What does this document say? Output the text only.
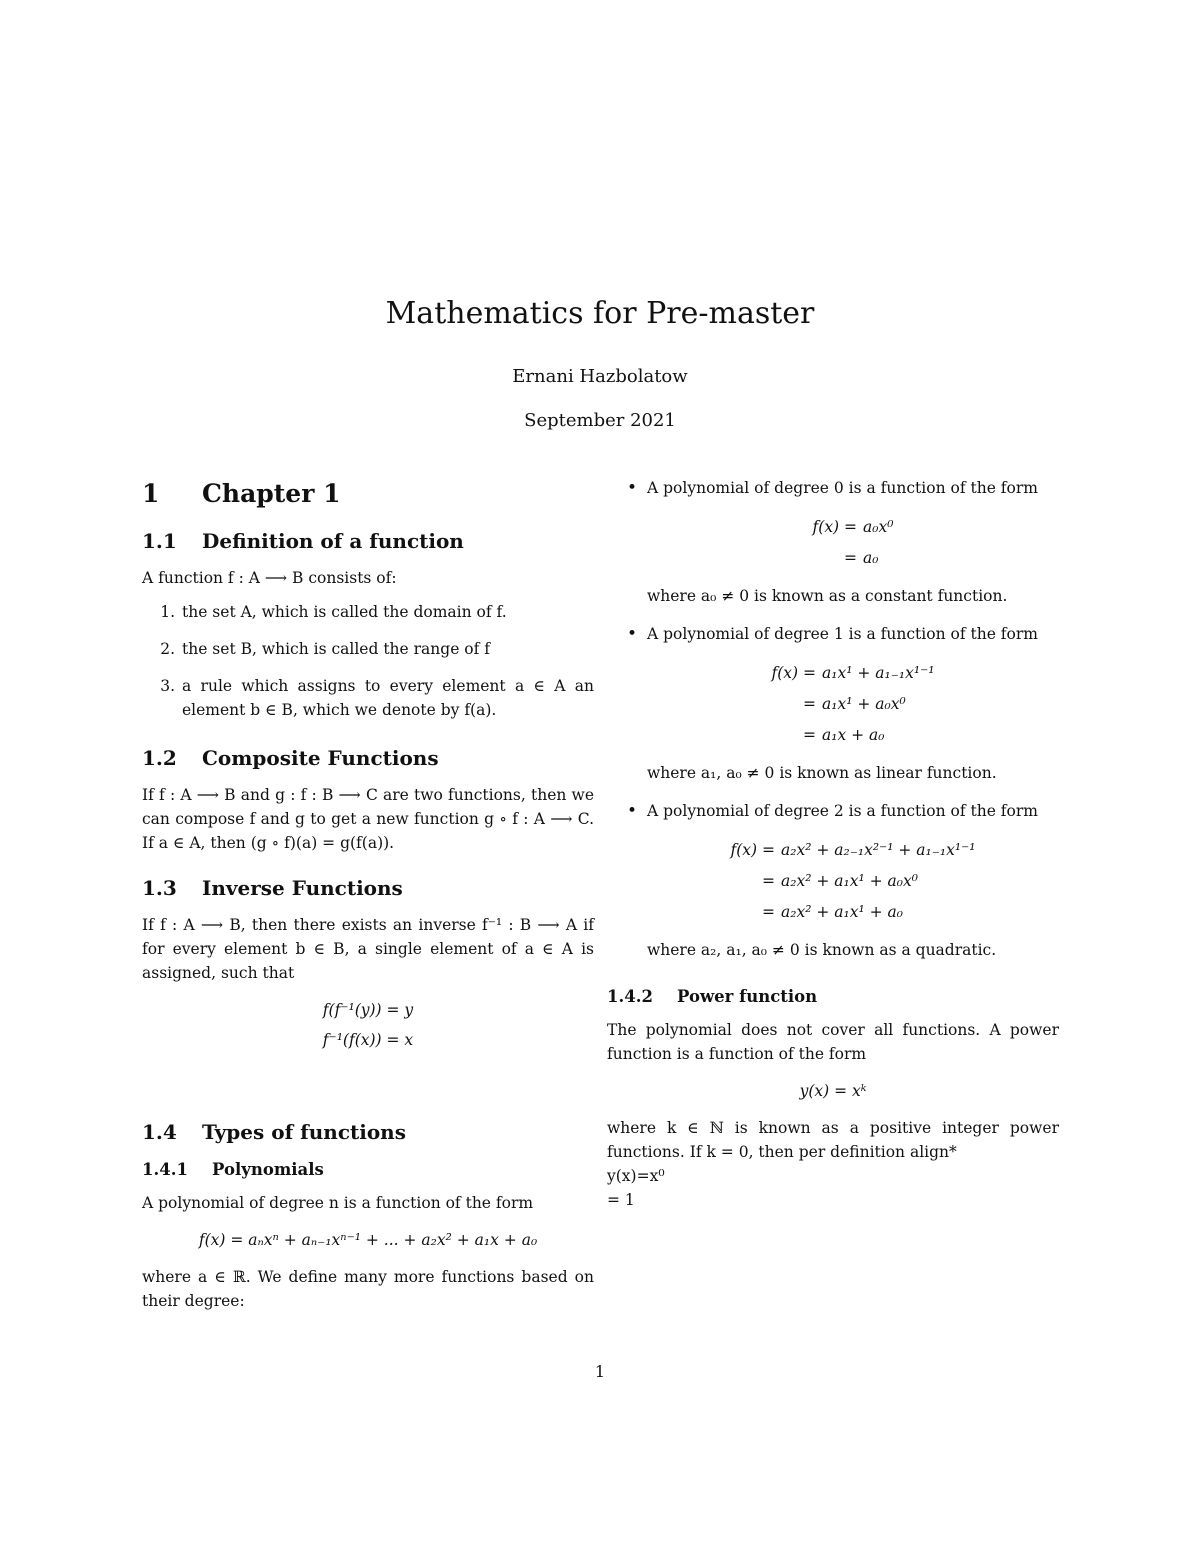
Mathematics for Pre-master
Ernani Hazbolatow
September 2021
1 Chapter 1
1.1 Definition of a function

A function f : A ⟶ B consists of:

1. the set A, which is called the domain of f.
2. the set B, which is called the range of f
3. a rule which assigns to every element a ∈ A an element b ∈ B, which we denote by f(a).
1.2 Composite Functions

If f : A ⟶ B and g : f : B ⟶ C are two functions, then we can compose f and g to get a new function g ∘ f : A ⟶ C. If a ∈ A, then (g ∘ f)(a) = g(f(a)).

1.3 Inverse Functions

If f : A ⟶ B, then there exists an inverse f⁻¹ : B ⟶ A if for every element b ∈ B, a single element of a ∈ A is assigned, such that

f(f⁻¹(y)) = y
f⁻¹(f(x)) = x
1.4 Types of functions
1.4.1 Polynomials

A polynomial of degree n is a function of the form

f(x) = aₙxⁿ + aₙ₋₁xⁿ⁻¹ + ... + a₂x² + a₁x + a₀

where a ∈ ℝ. We define many more functions based on their degree:

• A polynomial of degree 0 is a function of the form

f(x) = a₀x⁰
= a₀

where a₀ ≠ 0 is known as a constant function.

• A polynomial of degree 1 is a function of the form

f(x) = a₁x¹ + a₁₋₁x¹⁻¹
= a₁x¹ + a₀x⁰
= a₁x + a₀

where a₁, a₀ ≠ 0 is known as linear function.

• A polynomial of degree 2 is a function of the form

f(x) = a₂x² + a₂₋₁x²⁻¹ + a₁₋₁x¹⁻¹
= a₂x² + a₁x¹ + a₀x⁰
= a₂x² + a₁x¹ + a₀

where a₂, a₁, a₀ ≠ 0 is known as a quadratic.

1.4.2 Power function

The polynomial does not cover all functions. A power function is a function of the form

y(x) = xᵏ

where k ∈ ℕ is known as a positive integer power functions. If k = 0, then per definition align*

y(x)=x⁰

= 1

1
